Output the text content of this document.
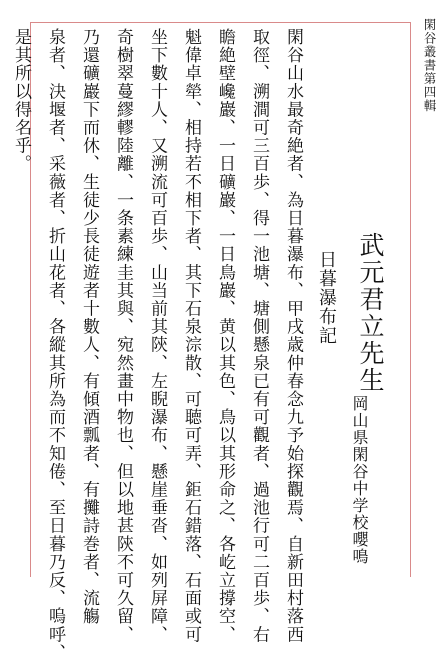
閑谷叢書第四輯
武元君立先生
岡山県閑谷中学校嚶鳴
日暮瀑布記
閑谷山水最奇絶者、為日暮瀑布、甲戌歳仲春念九予始探觀焉、自新田村落西
取徑、溯澗可三百歩、得一池塘、塘側懸泉已有可觀者、過池行可二百歩、右
瞻絶壁巉巖、一日礦巖、一日鳥巖、黄以其色、鳥以其形命之、各屹立撐空、
魁偉卓犖、相持若不相下者、其下石泉淙散、可聴可弄、鉅石錯落、石面或可
坐下數十人、又溯流可百歩、山当前其陝、左睨瀑布、懸崖垂沓、如列屏障、
奇樹翠蔓繆轇陸離、一条素練圭其與、宛然畫中物也、但以地甚陝不可久留、
乃還礦巖下而休、生徒少長徒遊者十數人、有傾酒瓢者、有攤詩巻者、流觴
泉者、決堰者、采薇者、折山花者、各縱其所為而不知倦、至日暮乃反、嗚呼、
是其所以得名乎。
